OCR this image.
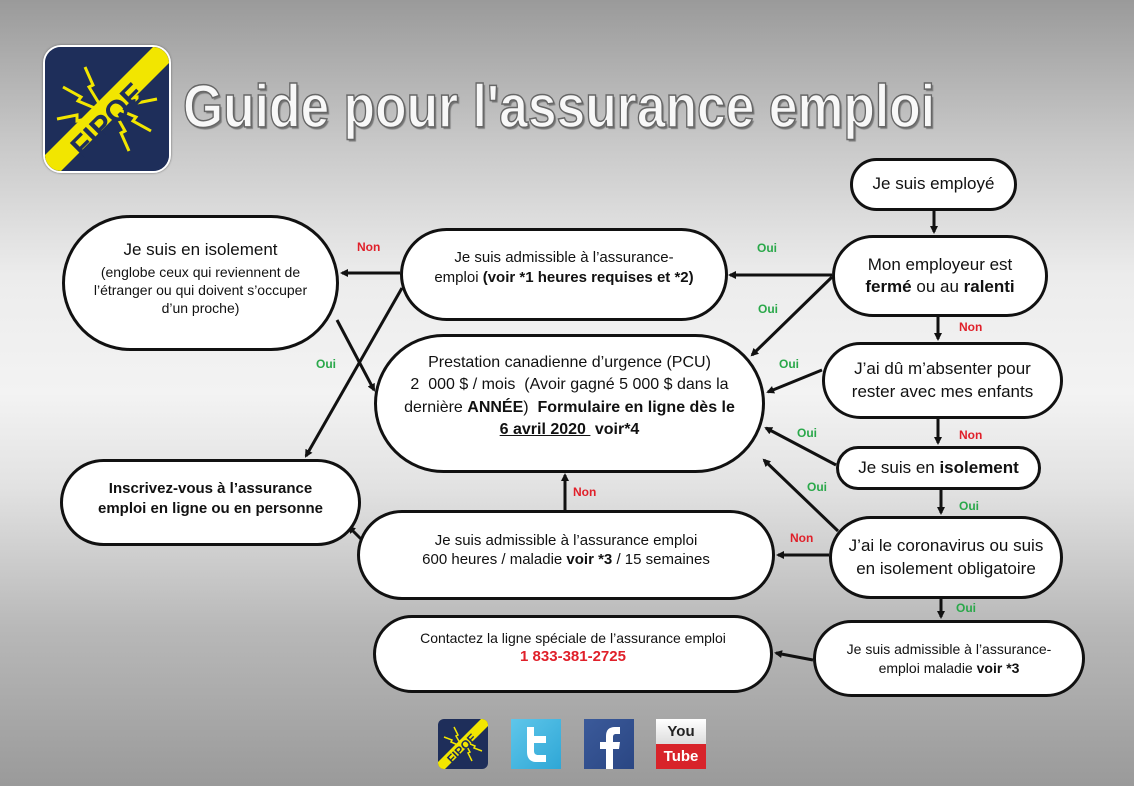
FIPOE Guide pour l'assurance emploi
Je suis employé
Mon employeur est
fermé ou au ralenti
J’ai dû m’absenter pour
rester avec mes enfants
Je suis en isolement
J’ai le coronavirus ou suis
en isolement obligatoire
Je suis admissible à l’assurance-
emploi maladie voir *3
Je suis admissible à l’assurance-
emploi (voir *1 heures requises et *2)
Je suis en isolement
(englobe ceux qui reviennent de
l’étranger ou qui doivent s’occuper
d’un proche)
Prestation canadienne d’urgence (PCU)
2  000 $ / mois  (Avoir gagné 5 000 $ dans la
dernière ANNÉE)  Formulaire en ligne dès le
6 avril 2020  voir*4
Inscrivez-vous à l’assurance
emploi en ligne ou en personne
Je suis admissible à l’assurance emploi
600 heures / maladie voir *3 / 15 semaines
Contactez la ligne spéciale de l’assurance emploi
1 833-381-2725
Non
Oui
Oui
Oui
Non
Oui
Non
Oui
Oui
Oui
Non
Oui
Non
FIPOE	You
Tube
